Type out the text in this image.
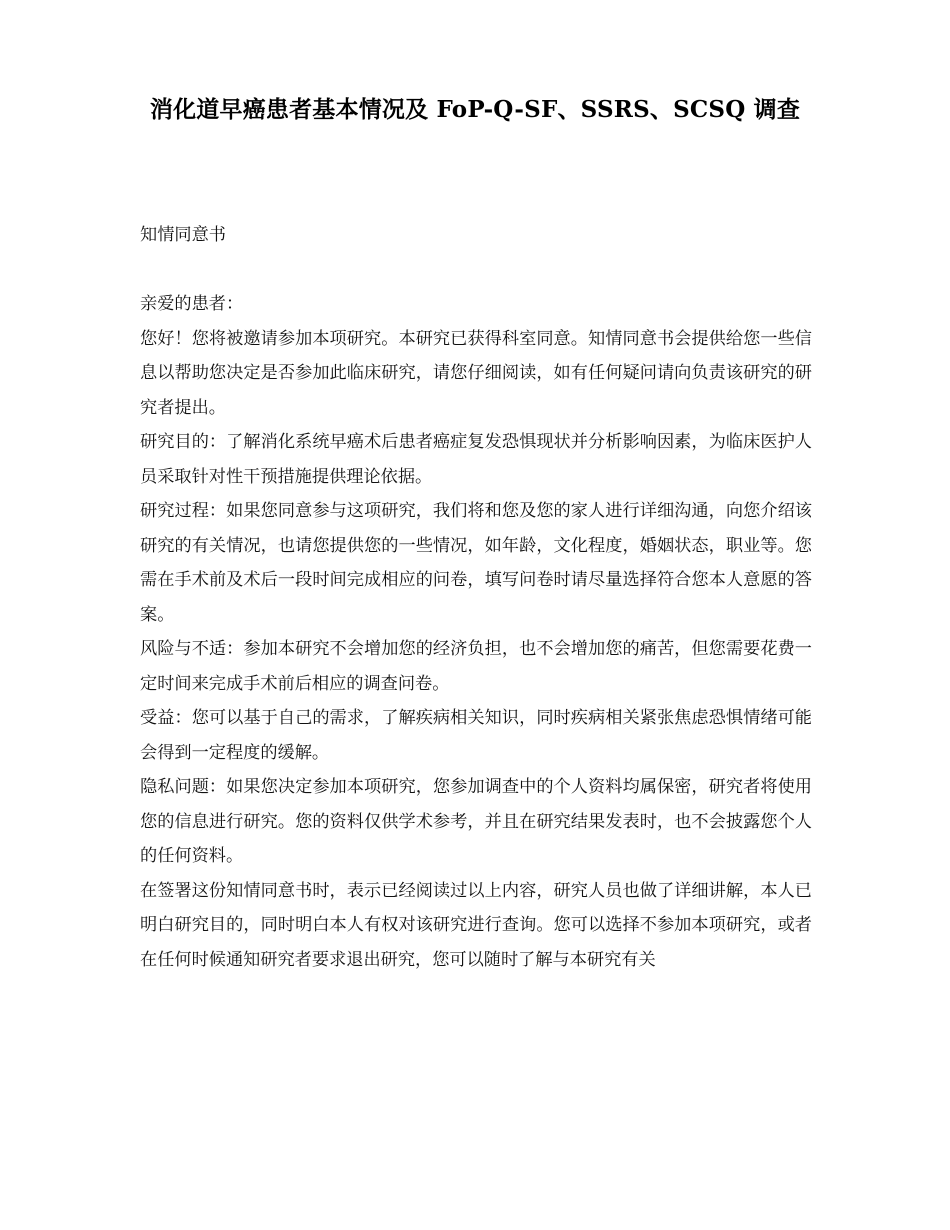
消化道早癌患者基本情况及 FoP-Q-SF、SSRS、SCSQ 调查

知情同意书

亲爱的患者：

您好！您将被邀请参加本项研究。本研究已获得科室同意。知情同意书会提供给您一些信息以帮助您决定是否参加此临床研究，请您仔细阅读，如有任何疑问请向负责该研究的研究者提出。

研究目的：了解消化系统早癌术后患者癌症复发恐惧现状并分析影响因素，为临床医护人员采取针对性干预措施提供理论依据。

研究过程：如果您同意参与这项研究，我们将和您及您的家人进行详细沟通，向您介绍该研究的有关情况，也请您提供您的一些情况，如年龄，文化程度，婚姻状态，职业等。您需在手术前及术后一段时间完成相应的问卷，填写问卷时请尽量选择符合您本人意愿的答案。

风险与不适：参加本研究不会增加您的经济负担，也不会增加您的痛苦，但您需要花费一定时间来完成手术前后相应的调查问卷。

受益：您可以基于自己的需求，了解疾病相关知识，同时疾病相关紧张焦虑恐惧情绪可能会得到一定程度的缓解。

隐私问题：如果您决定参加本项研究，您参加调查中的个人资料均属保密，研究者将使用您的信息进行研究。您的资料仅供学术参考，并且在研究结果发表时，也不会披露您个人的任何资料。

在签署这份知情同意书时，表示已经阅读过以上内容，研究人员也做了详细讲解，本人已明白研究目的，同时明白本人有权对该研究进行查询。您可以选择不参加本项研究，或者在任何时候通知研究者要求退出研究，您可以随时了解与本研究有关
